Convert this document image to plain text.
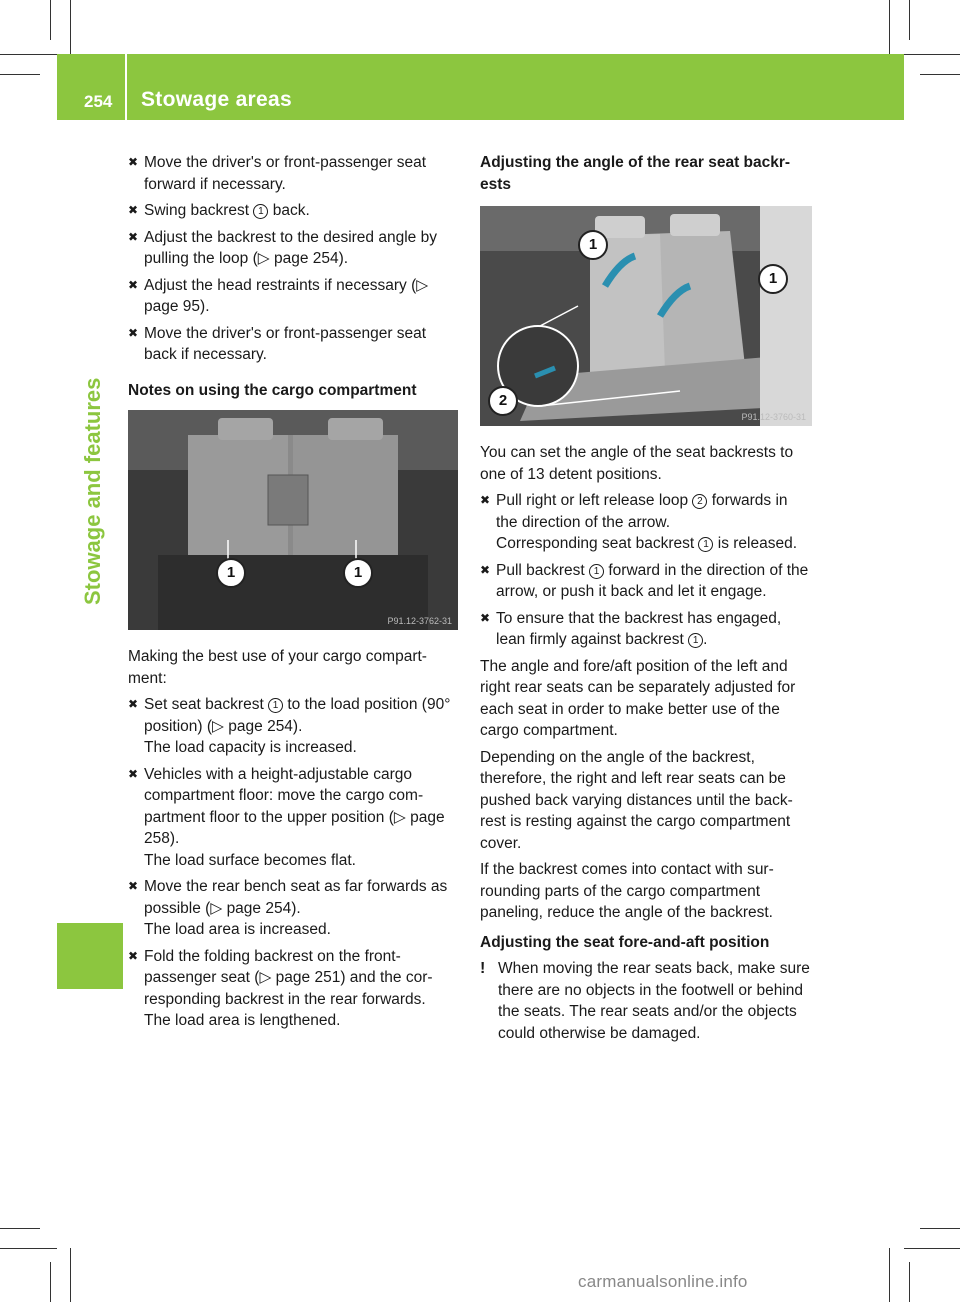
254 Stowage areas
Stowage and features

✖ Move the driver's or front-passenger seat forward if necessary.

✖ Swing backrest 1 back.

✖ Adjust the backrest to the desired angle by pulling the loop (▷ page 254).

✖ Adjust the head restraints if necessary (▷ page 95).

✖ Move the driver's or front-passenger seat back if necessary.

Notes on using the cargo compartment

1	1
P91.12-3762-31

Making the best use of your cargo compart- ment:

✖ Set seat backrest 1 to the load position (90° position) (▷ page 254).
The load capacity is increased.

✖ Vehicles with a height-adjustable cargo compartment floor: move the cargo com- partment floor to the upper position (▷ page 258).
The load surface becomes flat.

✖ Move the rear bench seat as far forwards as possible (▷ page 254).
The load area is increased.

✖ Fold the folding backrest on the front- passenger seat (▷ page 251) and the cor- responding backrest in the rear forwards.
The load area is lengthened.

Adjusting the angle of the rear seat backr- ests

1
1
2
P91.12-3760-31

You can set the angle of the seat backrests to one of 13 detent positions.

✖ Pull right or left release loop 2 forwards in the direction of the arrow.
Corresponding seat backrest 1 is released.

✖ Pull backrest 1 forward in the direction of the arrow, or push it back and let it engage.

✖ To ensure that the backrest has engaged, lean firmly against backrest 1 .

The angle and fore/aft position of the left and right rear seats can be separately adjusted for each seat in order to make better use of the cargo compartment.

Depending on the angle of the backrest, therefore, the right and left rear seats can be pushed back varying distances until the back- rest is resting against the cargo compartment cover.

If the backrest comes into contact with sur- rounding parts of the cargo compartment paneling, reduce the angle of the backrest.

Adjusting the seat fore-and-aft position

! When moving the rear seats back, make sure there are no objects in the footwell or behind the seats. The rear seats and/or the objects could otherwise be damaged.

carmanualsonline.info
